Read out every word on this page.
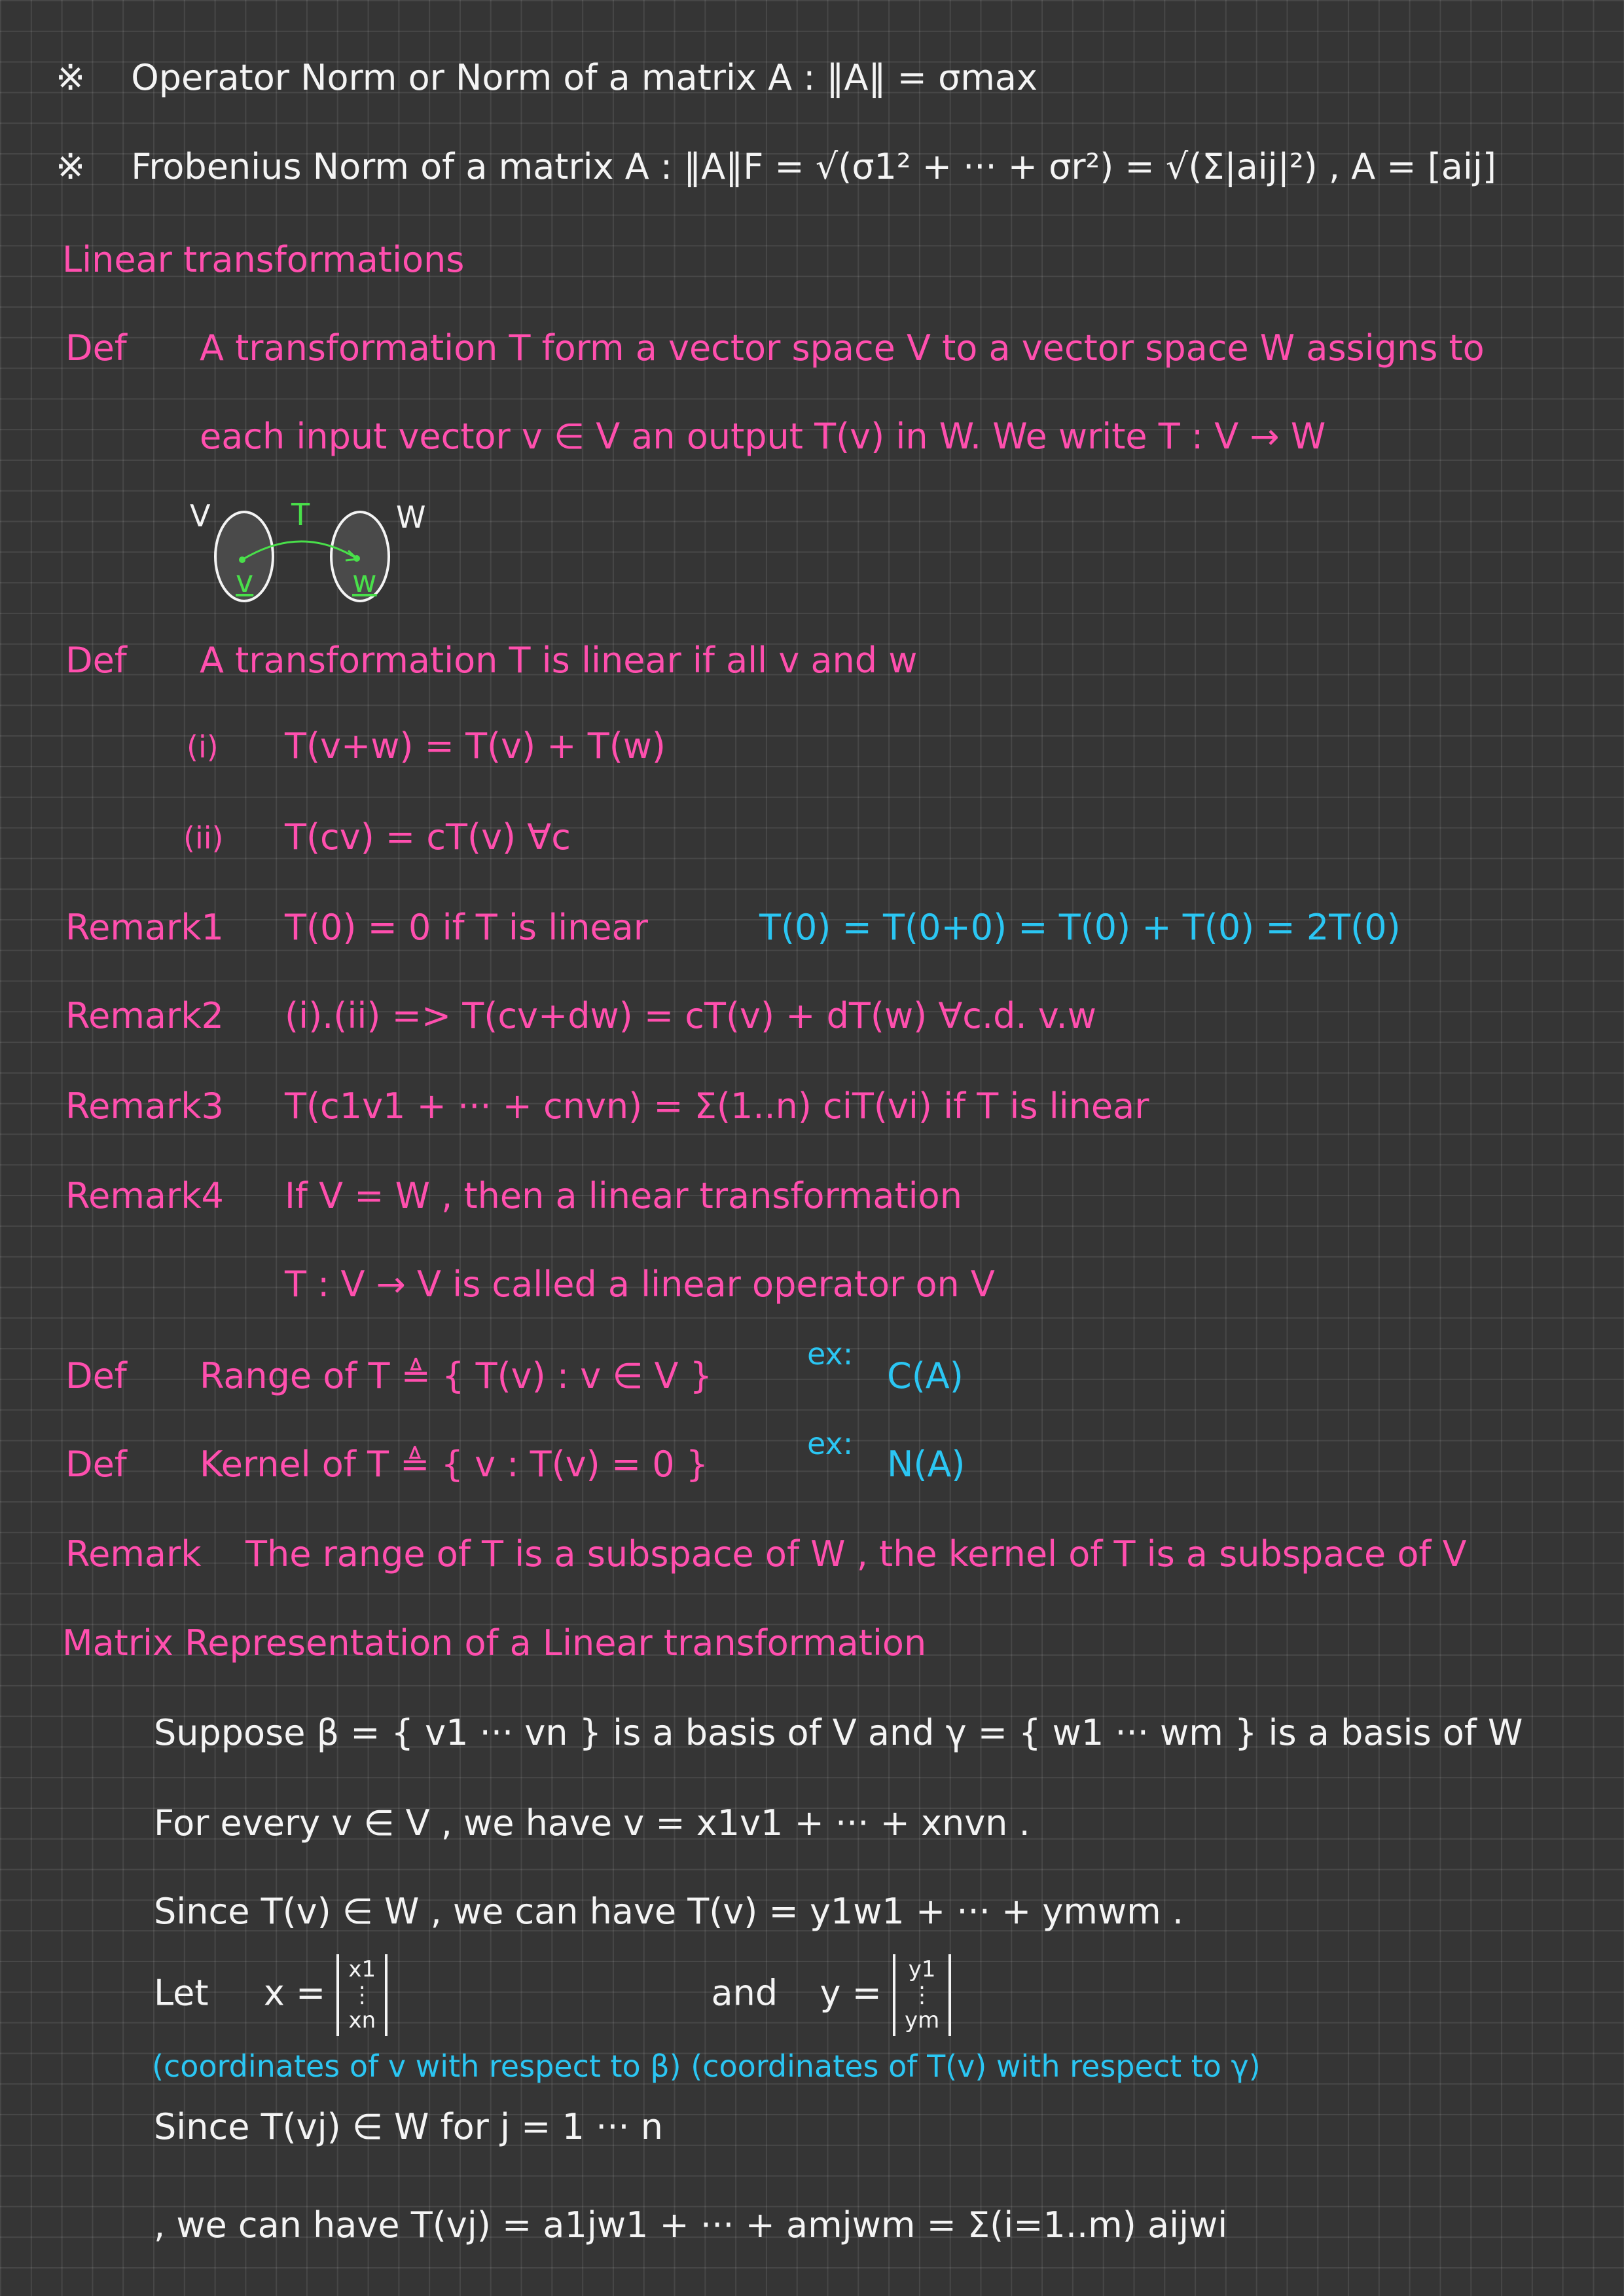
※ Operator Norm or Norm of a matrix A : ‖A‖ = σmax
※ Frobenius Norm of a matrix A : ‖A‖F = √(σ1² + ··· + σr²) = √(Σ|aij|²) , A = [aij]
Linear transformations
Def A transformation T form a vector space V to a vector space W assigns to
each input vector v ∈ V an output T(v) in W. We write T : V → W
V	T	W
v	w
Def A transformation T is linear if all v and w
(i) T(v+w) = T(v) + T(w)
(ii) T(cv) = cT(v) ∀c
Remark1 T(0) = 0 if T is linear	T(0) = T(0+0) = T(0) + T(0) = 2T(0)
Remark2 (i).(ii) => T(cv+dw) = cT(v) + dT(w) ∀c.d. v.w
Remark3 T(c1v1 + ··· + cnvn) = Σ(1..n) ciT(vi) if T is linear
Remark4 If V = W , then a linear transformation
T : V → V is called a linear operator on V
Def Range of T ≜ { T(v) : v ∈ V }
ex:
C(A)
Def Kernel of T ≜ { v : T(v) = 0 }	ex: N(A)
Remark The range of T is a subspace of W , the kernel of T is a subspace of V
Matrix Representation of a Linear transformation
Suppose β = { v1 ··· vn } is a basis of V and γ = { w1 ··· wm } is a basis of W
For every v ∈ V , we have v = x1v1 + ··· + xnvn .
Since T(v) ∈ W , we can have T(v) = y1w1 + ··· + ymwm .
Let x =
x1
⋮
xn
and y =
y1
⋮
ym
(coordinates of v with respect to β) (coordinates of T(v) with respect to γ)
Since T(vj) ∈ W for j = 1 ··· n
, we can have T(vj) = a1jw1 + ··· + amjwm = Σ(i=1..m) aijwi
